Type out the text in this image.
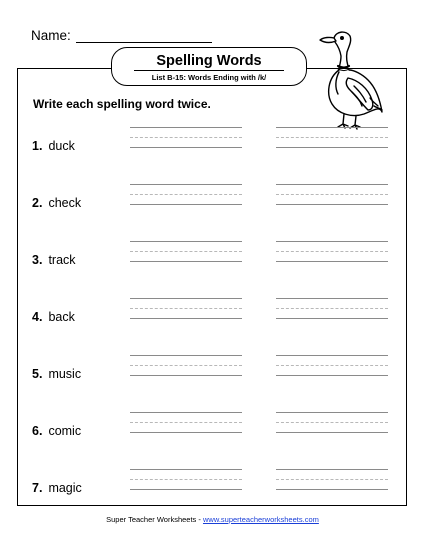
Name:
Spelling Words
List B-15: Words Ending with /k/
Write each spelling word twice.
1. duck
2. check
3. track
4. back
5. music
6. comic
7. magic
Super Teacher Worksheets - www.superteacherworksheets.com
